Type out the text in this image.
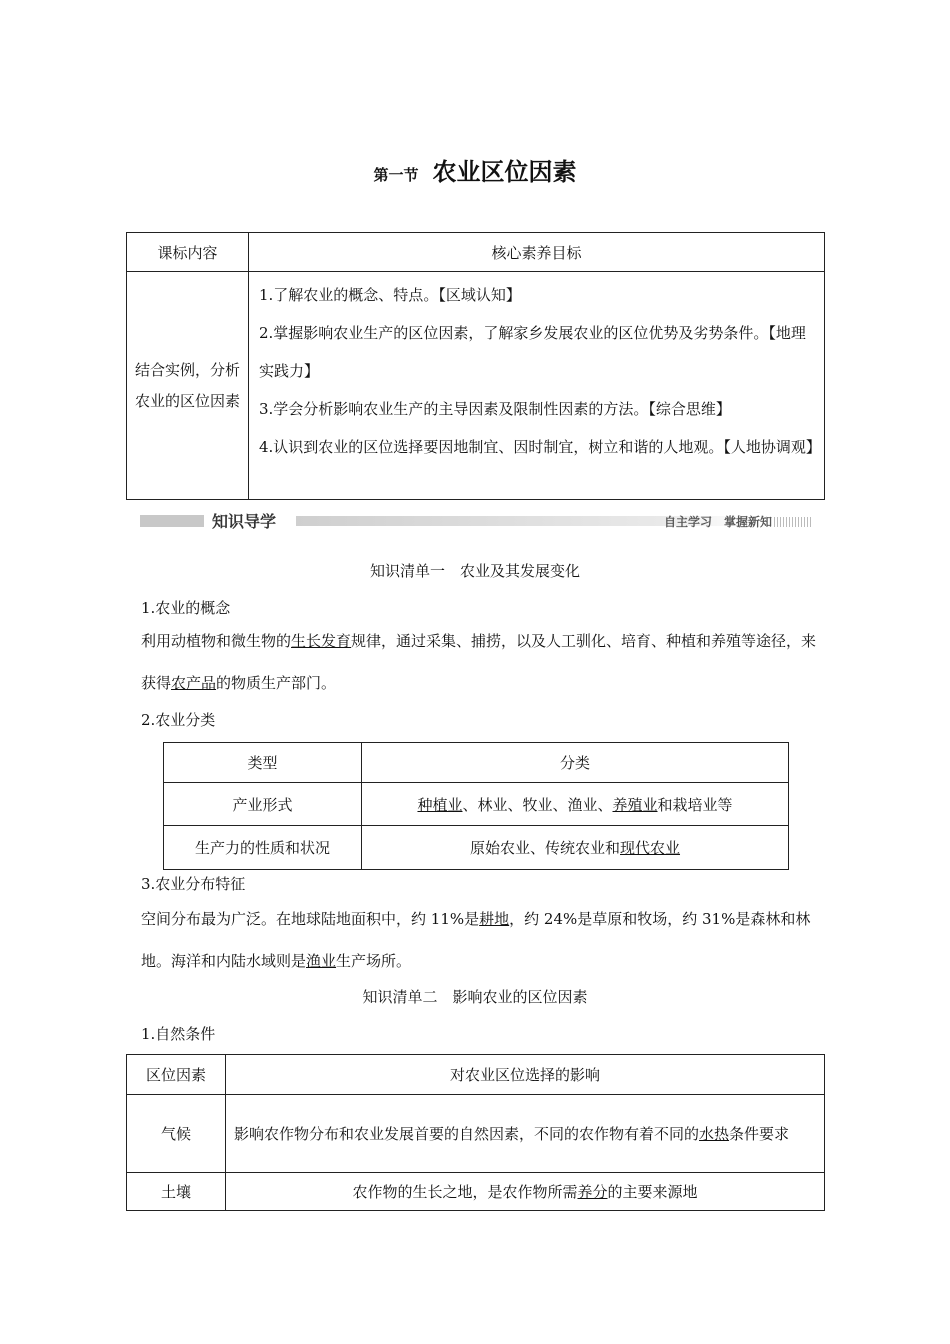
第一节 农业区位因素
课标内容	核心素养目标
结合实例，分析农业的区位因素	1.了解农业的概念、特点。【区域认知】
2.掌握影响农业生产的区位因素，了解家乡发展农业的区位优势及劣势条件。【地理实践力】
3.学会分析影响农业生产的主导因素及限制性因素的方法。【综合思维】
4.认识到农业的区位选择要因地制宜、因时制宜，树立和谐的人地观。【人地协调观】
知识导学	自主学习　掌握新知
知识清单一　农业及其发展变化
1.农业的概念
利用动植物和微生物的生长发育规律，通过采集、捕捞，以及人工驯化、培育、种植和养殖等途径，来获得农产品的物质生产部门。
2.农业分类
类型	分类
产业形式	种植业、林业、牧业、渔业、养殖业和栽培业等
生产力的性质和状况	原始农业、传统农业和现代农业
3.农业分布特征
空间分布最为广泛。在地球陆地面积中，约 11%是耕地，约 24%是草原和牧场，约 31%是森林和林地。海洋和内陆水域则是渔业生产场所。
知识清单二　影响农业的区位因素
1.自然条件
区位因素	对农业区位选择的影响
气候	影响农作物分布和农业发展首要的自然因素，不同的农作物有着不同的水热条件要求
土壤	农作物的生长之地，是农作物所需养分的主要来源地
